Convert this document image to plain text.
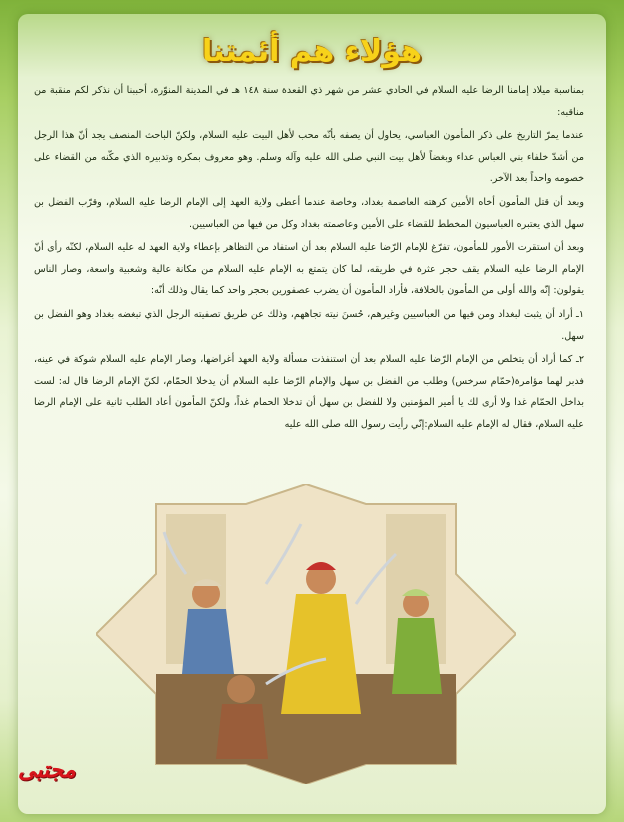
هؤلاء هم أئمتنا

بمناسبة ميلاد إمامنا الرضا عليه السلام في الحادي عشر من شهر ذي القعدة سنة ١٤٨ هـ في المدينة المنوّرة، أحببنا أن نذكر لكم منقبة من مناقبه:

عندما يمرّ التاريخ على ذكر المأمون العباسي، يحاول أن يصفه بأنّه محب لأهل البيت عليه السلام، ولكنّ الباحث المنصف يجد أنّ هذا الرجل من أشدّ خلفاء بني العباس عداء وبغضاً لأهل بيت النبي صلى الله عليه وآله وسلم. وهو معروف بمكره وتدبيره الذي مكّنه من القضاء على خصومه واحداً بعد الآخر.

وبعد أن قتل المأمون أخاه الأمين كرهته العاصمة بغداد، وخاصة عندما أعطى ولاية العهد إلى الإمام الرضا عليه السلام، وقرّب الفضل بن سهل الذي يعتبره العباسيون المخطط للقضاء على الأمين وعاصمته بغداد وكل من فيها من العباسيين.

وبعد أن استقرت الأمور للمأمون، تفرّغ للإمام الرّضا عليه السلام بعد أن استفاد من التظاهر بإعطاء ولاية العهد له عليه السلام، لكنّه رأى أنّ الإمام الرضا عليه السلام يقف حجر عثرة في طريقه، لما كان يتمتع به الإمام عليه السلام من مكانة عالية وشعبية واسعة، وصار الناس يقولون: إنّه والله أولى من المأمون بالخلافة، فأراد المأمون أن يضرب عصفورين بحجر واحد كما يقال وذلك أنّه:

١ـ أراد أن يثبت لبغداد ومن فيها من العباسيين وغيرهم، حُسنَ نيته تجاههم، وذلك عن طريق تصفيته الرجل الذي تبغضه بغداد وهو الفضل بن سهل.

٢ـ كما أراد أن يتخلص من الإمام الرّضا عليه السلام بعد أن استنفذت مسألة ولاية العهد أغراضها، وصار الإمام عليه السلام شوكة في عينه، فدبر لهما مؤامرة(حمّام سرخس) وطلب من الفضل بن سهل والإمام الرّضا عليه السلام أن يدخلا الحمّام، لكنّ الإمام الرضا قال له: لست بداخل الحمّام غدا ولا أرى لك يا أمير المؤمنين ولا للفضل بن سهل أن تدخلا الحمام غداً، ولكنّ المأمون أعاد الطلب ثانية على الإمام الرضا عليه السلام، فقال له الإمام عليه السلام:إنّي رأيت رسول الله صلى الله عليه

مجتبى
